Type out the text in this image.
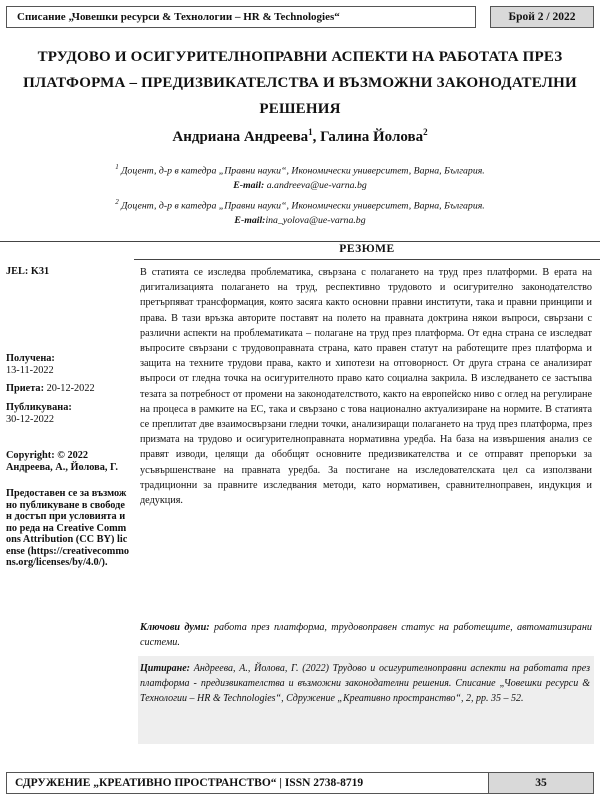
Списание „Човешки ресурси & Технологии – HR & Technologies“	Брой 2 / 2022
ТРУДОВО И ОСИГУРИТЕЛНОПРАВНИ АСПЕКТИ НА РАБОТАТА ПРЕЗ ПЛАТФОРМА – ПРЕДИЗВИКАТЕЛСТВА И ВЪЗМОЖНИ ЗАКОНОДАТЕЛНИ РЕШЕНИЯ
Андриана Андреева$^1$, Галина Йолова$^2$
$^1$ Доцент, д-р в катедра „Правни науки“, Икономически университет, Варна, България.
E-mail: a.andreeva@ue-varna.bg
$^2$ Доцент, д-р в катедра „Правни науки“, Икономически университет, Варна, България.
E-mail:ina_yolova@ue-varna.bg
РЕЗЮМЕ
JEL: K31
Получена:
13-11-2022
Приета: 20-12-2022
Публикувана:
30-12-2022
Copyright: © 2022 Андреева, А., Йолова, Г.
Предоставен се за възможно публикуване в свободен достъп при условията и по реда на Creative Commons Attribution (CC BY) license (https://creativecommons.org/licenses/by/4.0/).
В статията се изследва проблематика, свързана с полагането на труд през платформи. В ерата на дигитализацията полагането на труд, респективно трудовото и осигурително законодателство претърпяват трансформация, която засяга както основни правни институти, така и правни принципи и права. В тази връзка авторите поставят на полето на правната доктрина някои въпроси, свързани с различни аспекти на проблематиката – полагане на труд през платформа. От една страна се изследват въпросите свързани с трудовоправната страна, като правен статут на работещите през платформа и защита на техните трудови права, както и хипотези на отговорност. От друга страна се анализират въпроси от гледна точка на осигурителното право като социална закрила. В изследването се застъпва тезата за потребност от промени на законодателството, както на европейско ниво с оглед на регулиране на процеса в рамките на ЕС, така и свързано с това национално актуализиране на нормите. В статията се преплитат две взаимосвързани гледни точки, анализиращи полагането на труд през платформа, през призмата на трудово и осигурителноправната нормативна уредба. На база на извършения анализ се правят изводи, целящи да обобщят основните предизвикателства и се отправят препоръки за усъвършенстване на правната уредба. За постигане на изследователската цел са използвани традиционни за правните изследвания методи, като нормативен, сравнителноправен, индукция и дедукция.
Ключови думи: работа през платформа, трудовоправен статус на работещите, автоматизирани системи.
Цитиране: Андреева, А., Йолова, Г. (2022) Трудово и осигурителноправни аспекти на работата през платформа - предизвикателства и възможни законодателни решения. Списание „Човешки ресурси & Технологии – HR & Technologies“, Сдружение „Креативно пространство“, 2, pp. 35 – 52.
СДРУЖЕНИЕ „КРЕАТИВНО ПРОСТРАНСТВО“ | ISSN 2738-8719	35
